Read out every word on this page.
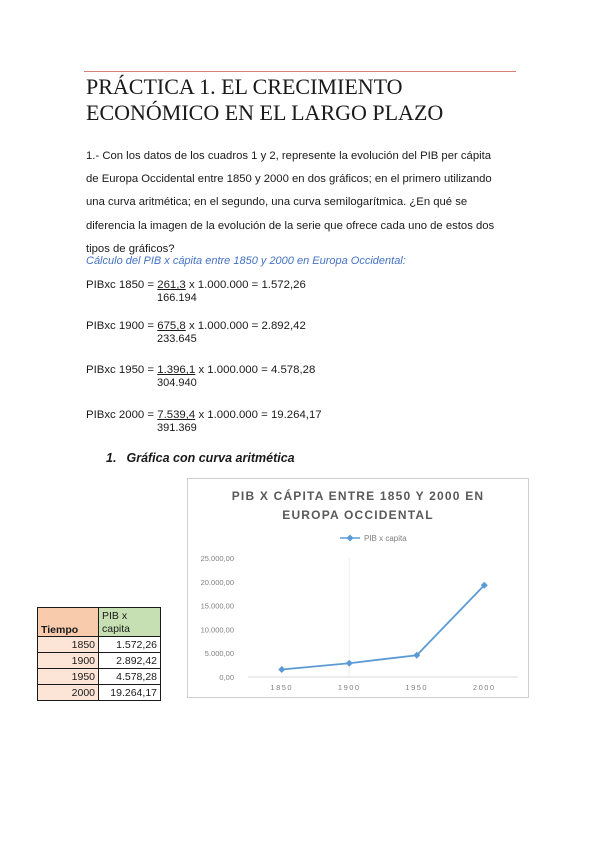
PRÁCTICA 1. EL CRECIMIENTO
ECONÓMICO EN EL LARGO PLAZO
1.- Con los datos de los cuadros 1 y 2, represente la evolución del PIB per cápita de Europa Occidental entre 1850 y 2000 en dos gráficos; en el primero utilizando una curva aritmética; en el segundo, una curva semilogarítmica. ¿En qué se diferencia la imagen de la evolución de la serie que ofrece cada uno de estos dos tipos de gráficos?
Cálculo del PIB x cápita entre 1850 y 2000 en Europa Occidental:
PIBxc 1850 = 261,3 x 1.000.000 = 1.572,26
166.194
PIBxc 1900 = 675,8 x 1.000.000 = 2.892,42
233.645
PIBxc 1950 = 1.396,1 x 1.000.000 = 4.578,28
304.940
PIBxc 2000 = 7.539,4 x 1.000.000 = 19.264,17
391.369
1. Gráfica con curva aritmética
Tiempo	PIB x capita
1850	1.572,26
1900	2.892,42
1950	4.578,28
2000	19.264,17
PIB X CÁPITA ENTRE 1850 Y 2000 EN
EUROPA OCCIDENTAL
PIB x capita
0,00
5.000,00
10.000,00
15.000,00
20.000,00
25.000,00
1850	1900	1950	2000
